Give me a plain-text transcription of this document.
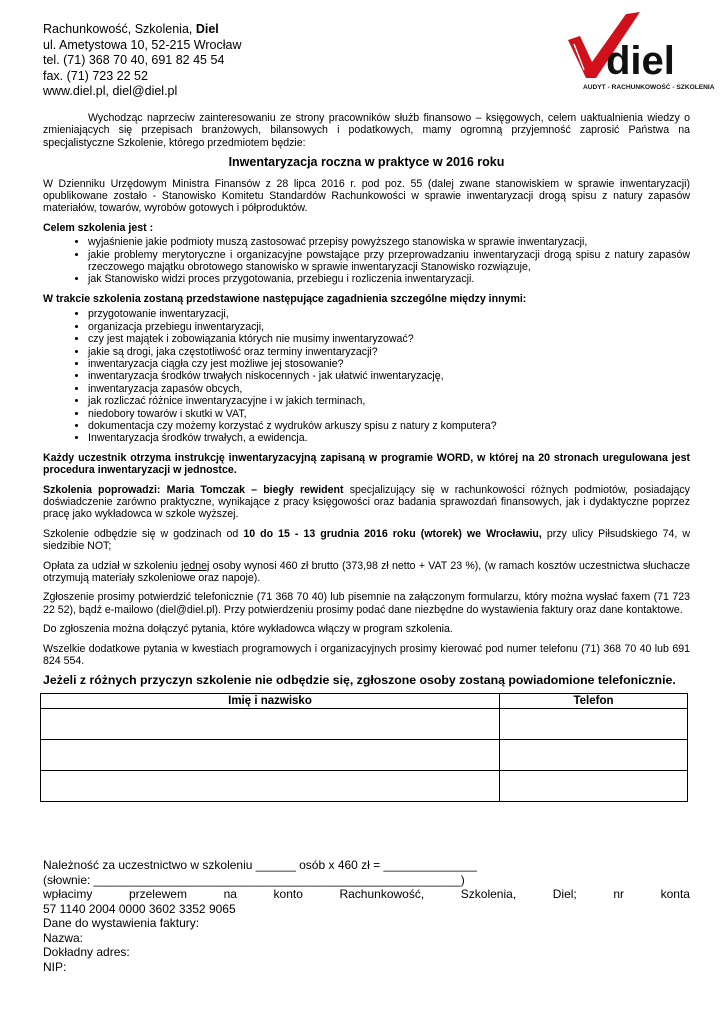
Rachunkowość, Szkolenia, Diel
ul. Ametystowa 10, 52-215 Wrocław
tel. (71) 368 70 40, 691 82 45 54
fax. (71) 723 22 52
www.diel.pl, diel@diel.pl
diel
AUDYT - RACHUNKOWOŚĆ - SZKOLENIA

Wychodząc naprzeciw zainteresowaniu ze strony pracowników służb finansowo – księgowych, celem uaktualnienia wiedzy o zmieniających się przepisach branżowych, bilansowych i podatkowych, mamy ogromną przyjemność zaprosić Państwa na specjalistyczne Szkolenie, którego przedmiotem będzie:

Inwentaryzacja roczna w praktyce w 2016 roku

W Dzienniku Urzędowym Ministra Finansów z 28 lipca 2016 r. pod poz. 55 (dalej zwane stanowiskiem w sprawie inwentaryzacji) opublikowane zostało - Stanowisko Komitetu Standardów Rachunkowości w sprawie inwentaryzacji drogą spisu z natury zapasów materiałów, towarów, wyrobów gotowych i półproduktów.

Celem szkolenia jest :
• wyjaśnienie jakie podmioty muszą zastosować przepisy powyższego stanowiska w sprawie inwentaryzacji,
• jakie problemy merytoryczne i organizacyjne powstające przy przeprowadzaniu inwentaryzacji drogą spisu z natury zapasów rzeczowego majątku obrotowego stanowisko w sprawie inwentaryzacji Stanowisko rozwiązuje,
• jak Stanowisko widzi proces przygotowania, przebiegu i rozliczenia inwentaryzacji.
W trakcie szkolenia zostaną przedstawione następujące zagadnienia szczególne między innymi:
• przygotowanie inwentaryzacji,
• organizacja przebiegu inwentaryzacji,
• czy jest majątek i zobowiązania których nie musimy inwentaryzować?
• jakie są drogi, jaka częstotliwość oraz terminy inwentaryzacji?
• inwentaryzacja ciągła czy jest możliwe jej stosowanie?
• inwentaryzacja środków trwałych niskocennych - jak ułatwić inwentaryzację,
• inwentaryzacja zapasów obcych,
• jak rozliczać różnice inwentaryzacyjne i w jakich terminach,
• niedobory towarów i skutki w VAT,
• dokumentacja czy możemy korzystać z wydruków arkuszy spisu z natury z komputera?
• Inwentaryzacja środków trwałych, a ewidencja.

Każdy uczestnik otrzyma instrukcję inwentaryzacyjną zapisaną w programie WORD, w której na 20 stronach uregulowana jest procedura inwentaryzacji w jednostce.

Szkolenia poprowadzi: Maria Tomczak – biegły rewident specjalizujący się w rachunkowości różnych podmiotów, posiadający doświadczenie zarówno praktyczne, wynikające z pracy księgowości oraz badania sprawozdań finansowych, jak i dydaktyczne poprzez pracę jako wykładowca w szkole wyższej.

Szkolenie odbędzie się w godzinach od 10 do 15 - 13 grudnia 2016 roku (wtorek) we Wrocławiu, przy ulicy Piłsudskiego 74, w siedzibie NOT;

Opłata za udział w szkoleniu jednej osoby wynosi 460 zł brutto (373,98 zł netto + VAT 23 %), (w ramach kosztów uczestnictwa słuchacze otrzymują materiały szkoleniowe oraz napoje).

Zgłoszenie prosimy potwierdzić telefonicznie (71 368 70 40) lub pisemnie na załączonym formularzu, który można wysłać faxem (71 723 22 52), bądź e-mailowo (diel@diel.pl). Przy potwierdzeniu prosimy podać dane niezbędne do wystawienia faktury oraz dane kontaktowe.

Do zgłoszenia można dołączyć pytania, które wykładowca włączy w program szkolenia.

Wszelkie dodatkowe pytania w kwestiach programowych i organizacyjnych prosimy kierować pod numer telefonu (71) 368 70 40 lub 691 824 554.

Jeżeli z różnych przyczyn szkolenie nie odbędzie się, zgłoszone osoby zostaną powiadomione telefonicznie.
Imię i nazwisko	Telefon

Należność za uczestnictwo w szkoleniu ______ osób x 460 zł = ______________
(słownie: _______________________________________________________)
wpłacimy	przelewem	na	konto	Rachunkowość,	Szkolenia,	Diel;	nr	konta
57 1140 2004 0000 3602 3352 9065
Dane do wystawienia faktury:
Nazwa:
Dokładny adres:
NIP:
